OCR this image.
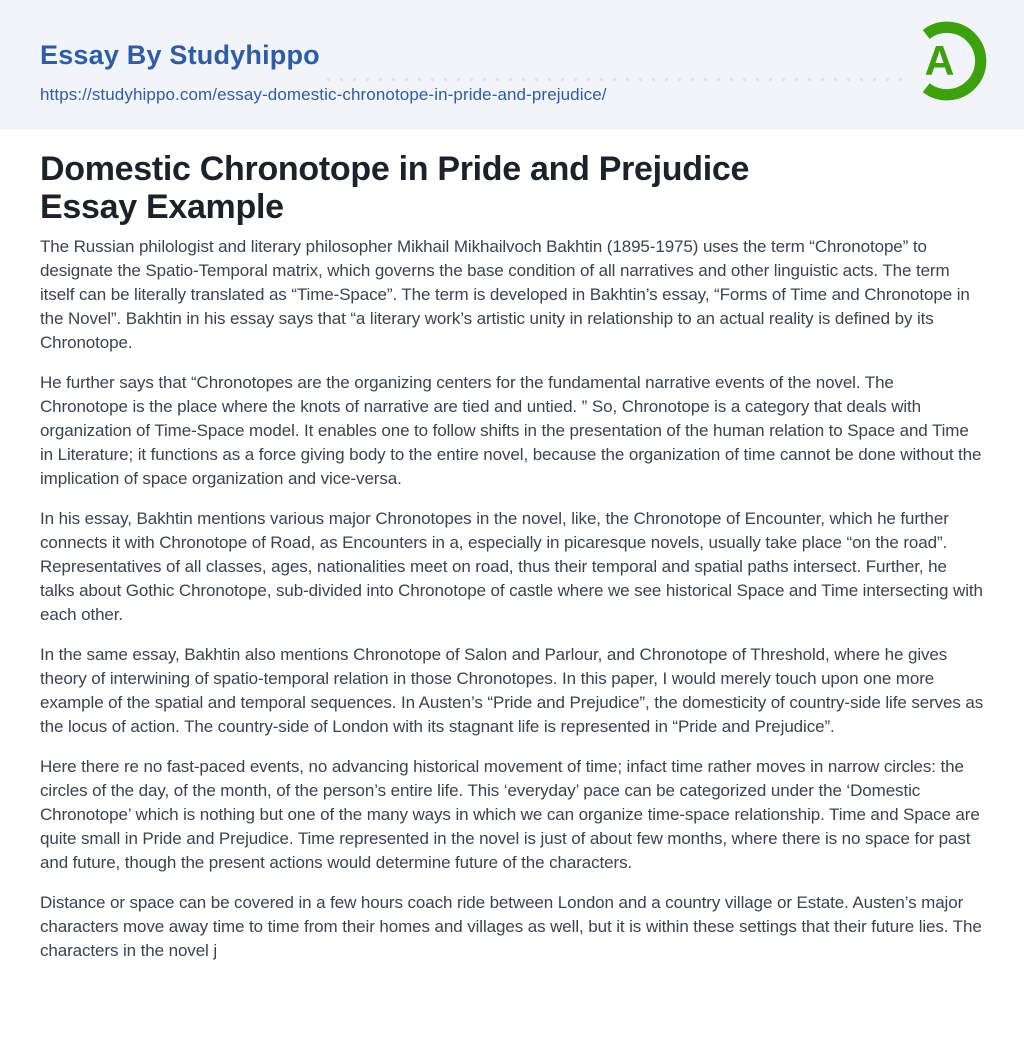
Essay By Studyhippo
https://studyhippo.com/essay-domestic-chronotope-in-pride-and-prejudice/
A
Domestic Chronotope in Pride and Prejudice
Essay Example

The Russian philologist and literary philosopher Mikhail Mikhailvoch Bakhtin (1895-1975) uses the term “Chronotope” to designate the Spatio-Temporal matrix, which governs the base condition of all narratives and other linguistic acts. The term itself can be literally translated as “Time-Space”. The term is developed in Bakhtin’s essay, “Forms of Time and Chronotope in the Novel”. Bakhtin in his essay says that “a literary work’s artistic unity in relationship to an actual reality is defined by its Chronotope.

He further says that “Chronotopes are the organizing centers for the fundamental narrative events of the novel. The Chronotope is the place where the knots of narrative are tied and untied. ” So, Chronotope is a category that deals with organization of Time-Space model. It enables one to follow shifts in the presentation of the human relation to Space and Time in Literature; it functions as a force giving body to the entire novel, because the organization of time cannot be done without the implication of space organization and vice-versa.

In his essay, Bakhtin mentions various major Chronotopes in the novel, like, the Chronotope of Encounter, which he further connects it with Chronotope of Road, as Encounters in a, especially in picaresque novels, usually take place “on the road”. Representatives of all classes, ages, nationalities meet on road, thus their temporal and spatial paths intersect. Further, he talks about Gothic Chronotope, sub-divided into Chronotope of castle where we see historical Space and Time intersecting with each other.

In the same essay, Bakhtin also mentions Chronotope of Salon and Parlour, and Chronotope of Threshold, where he gives theory of interwining of spatio-temporal relation in those Chronotopes. In this paper, I would merely touch upon one more example of the spatial and temporal sequences. In Austen’s “Pride and Prejudice”, the domesticity of country-side life serves as the locus of action. The country-side of London with its stagnant life is represented in “Pride and Prejudice”.

Here there re no fast-paced events, no advancing historical movement of time; infact time rather moves in narrow circles: the circles of the day, of the month, of the person’s entire life. This ‘everyday’ pace can be categorized under the ‘Domestic Chronotope’ which is nothing but one of the many ways in which we can organize time-space relationship. Time and Space are quite small in Pride and Prejudice. Time represented in the novel is just of about few months, where there is no space for past and future, though the present actions would determine future of the characters.

Distance or space can be covered in a few hours coach ride between London and a country village or Estate. Austen’s major characters move away time to time from their homes and villages as well, but it is within these settings that their future lies. The characters in the novel j
